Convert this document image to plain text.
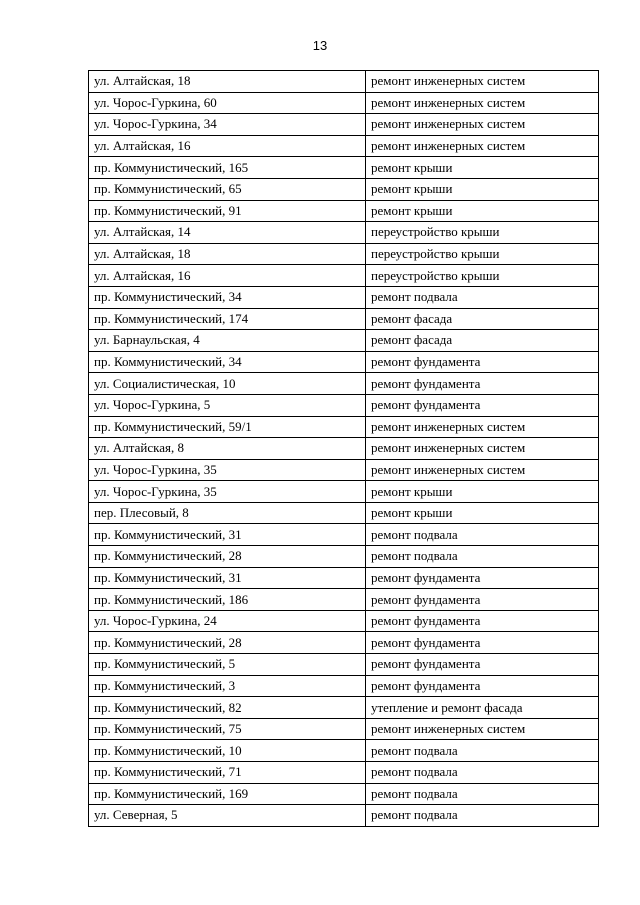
13
ул. Алтайская, 18	ремонт инженерных систем
ул. Чорос-Гуркина, 60	ремонт инженерных систем
ул. Чорос-Гуркина, 34	ремонт инженерных систем
ул. Алтайская, 16	ремонт инженерных систем
пр. Коммунистический, 165	ремонт крыши
пр. Коммунистический, 65	ремонт крыши
пр. Коммунистический, 91	ремонт крыши
ул. Алтайская, 14	переустройство крыши
ул. Алтайская, 18	переустройство крыши
ул. Алтайская, 16	переустройство крыши
пр. Коммунистический, 34	ремонт подвала
пр. Коммунистический, 174	ремонт фасада
ул. Барнаульская, 4	ремонт фасада
пр. Коммунистический, 34	ремонт фундамента
ул. Социалистическая, 10	ремонт фундамента
ул. Чорос-Гуркина, 5	ремонт фундамента
пр. Коммунистический, 59/1	ремонт инженерных систем
ул. Алтайская, 8	ремонт инженерных систем
ул. Чорос-Гуркина, 35	ремонт инженерных систем
ул. Чорос-Гуркина, 35	ремонт крыши
пер. Плесовый, 8	ремонт крыши
пр. Коммунистический, 31	ремонт подвала
пр. Коммунистический, 28	ремонт подвала
пр. Коммунистический, 31	ремонт фундамента
пр. Коммунистический, 186	ремонт фундамента
ул. Чорос-Гуркина, 24	ремонт фундамента
пр. Коммунистический, 28	ремонт фундамента
пр. Коммунистический, 5	ремонт фундамента
пр. Коммунистический, 3	ремонт фундамента
пр. Коммунистический, 82	утепление и ремонт фасада
пр. Коммунистический, 75	ремонт инженерных систем
пр. Коммунистический, 10	ремонт подвала
пр. Коммунистический, 71	ремонт подвала
пр. Коммунистический, 169	ремонт подвала
ул. Северная, 5	ремонт подвала
